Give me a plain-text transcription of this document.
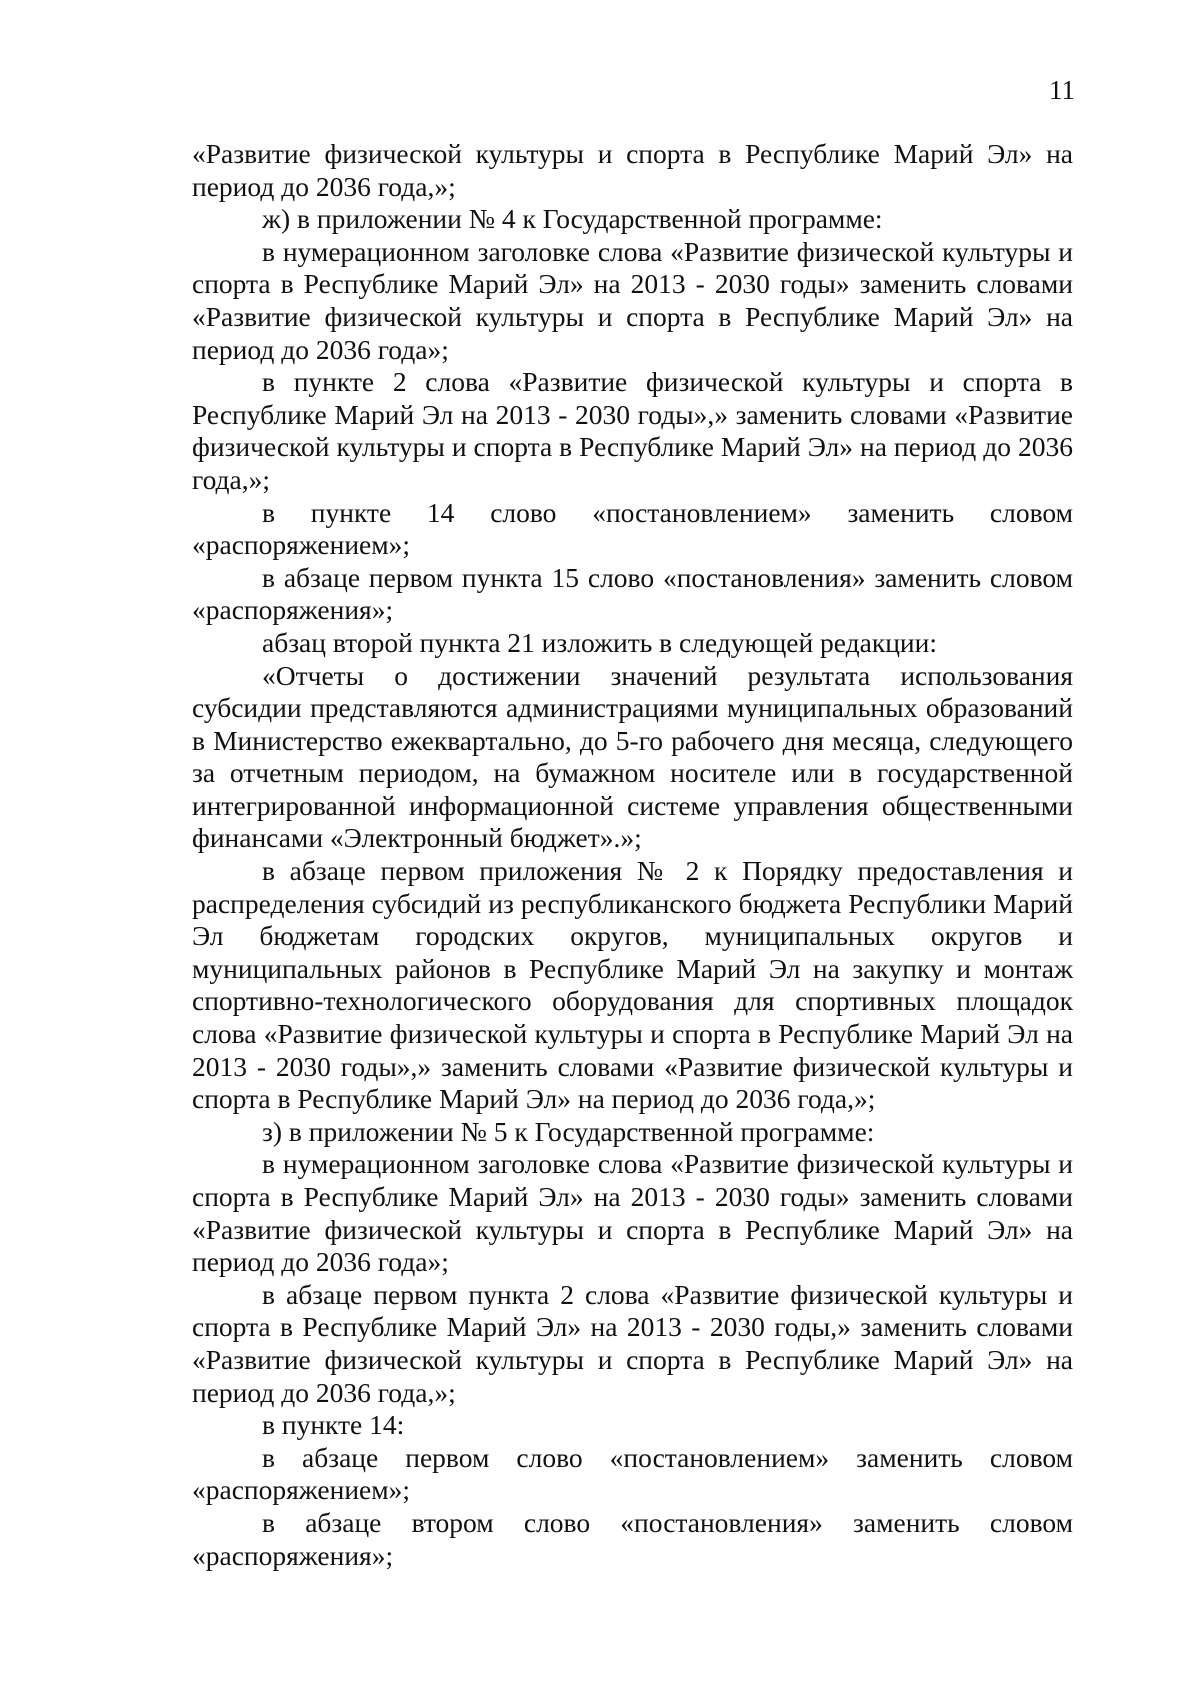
11

«Развитие физической культуры и спорта в Республике Марий Эл» на период до 2036 года,»;

ж) в приложении № 4 к Государственной программе:

в нумерационном заголовке слова «Развитие физической культуры и спорта в Республике Марий Эл» на 2013 - 2030 годы» заменить словами «Развитие физической культуры и спорта в Республике Марий Эл» на период до 2036 года»;

в пункте 2 слова «Развитие физической культуры и спорта в Республике Марий Эл на 2013 - 2030 годы»,» заменить словами «Развитие физической культуры и спорта в Республике Марий Эл» на период до 2036 года,»;

в пункте 14 слово «постановлением» заменить словом «распоряжением»;

в абзаце первом пункта 15 слово «постановления» заменить словом «распоряжения»;

абзац второй пункта 21 изложить в следующей редакции:

«Отчеты о достижении значений результата использования субсидии представляются администрациями муниципальных образований в Министерство ежеквартально, до 5-го рабочего дня месяца, следующего за отчетным периодом, на бумажном носителе или в государственной интегрированной информационной системе управления общественными финансами «Электронный бюджет».»;

в абзаце первом приложения № 2 к Порядку предоставления и распределения субсидий из республиканского бюджета Республики Марий Эл бюджетам городских округов, муниципальных округов и муниципальных районов в Республике Марий Эл на закупку и монтаж спортивно-технологического оборудования для спортивных площадок слова «Развитие физической культуры и спорта в Республике Марий Эл на 2013 - 2030 годы»,» заменить словами «Развитие физической культуры и спорта в Республике Марий Эл» на период до 2036 года,»;

з) в приложении № 5 к Государственной программе:

в нумерационном заголовке слова «Развитие физической культуры и спорта в Республике Марий Эл» на 2013 - 2030 годы» заменить словами «Развитие физической культуры и спорта в Республике Марий Эл» на период до 2036 года»;

в абзаце первом пункта 2 слова «Развитие физической культуры и спорта в Республике Марий Эл» на 2013 - 2030 годы,» заменить словами «Развитие физической культуры и спорта в Республике Марий Эл» на период до 2036 года,»;

в пункте 14:

в абзаце первом слово «постановлением» заменить словом «распоряжением»;

в абзаце втором слово «постановления» заменить словом «распоряжения»;
